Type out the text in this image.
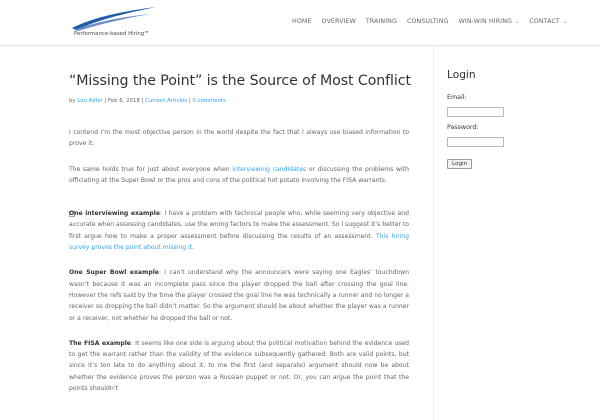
Performance-based Hiring℠
HOME OVERVIEW TRAINING CONSULTING WIN-WIN HIRING ⌄ CONTACT ⌄
“Missing the Point” is the Source of Most Conflict
by Lou Adler | Feb 6, 2018 | Current Articles | 0 comments

I contend I’m the most objective person in the world despite the fact that I always use biased information to prove it.

The same holds true for just about everyone when interviewing candidates or discussing the problems with officiating at the Super Bowl or the pros and cons of the political hot potato involving the FISA warrants.

One interviewing example: I have a problem with technical people who, while seeming very objective and accurate when assessing candidates, use the wrong factors to make the assessment. So I suggest it’s better to first argue how to make a proper assessment before discussing the results of an assessment. This hiring survey proves the point about missing it.

One Super Bowl example: I can’t understand why the announcers were saying one Eagles’ touchdown wasn’t because it was an incomplete pass since the player dropped the ball after crossing the goal line. However the refs said by the time the player crossed the goal line he was technically a runner and no longer a receiver so dropping the ball didn’t matter. So the argument should be about whether the player was a runner or a receiver, not whether he dropped the ball or not.

The FISA example: It seems like one side is arguing about the political motivation behind the evidence used to get the warrant rather than the validity of the evidence subsequently gathered. Both are valid points, but since it’s too late to do anything about it, to me the first (and separate) argument should now be about whether the evidence proves the person was a Russian puppet or not. Or, you can argue the point that the points shouldn’t

Login
Email:
Password:
Login
